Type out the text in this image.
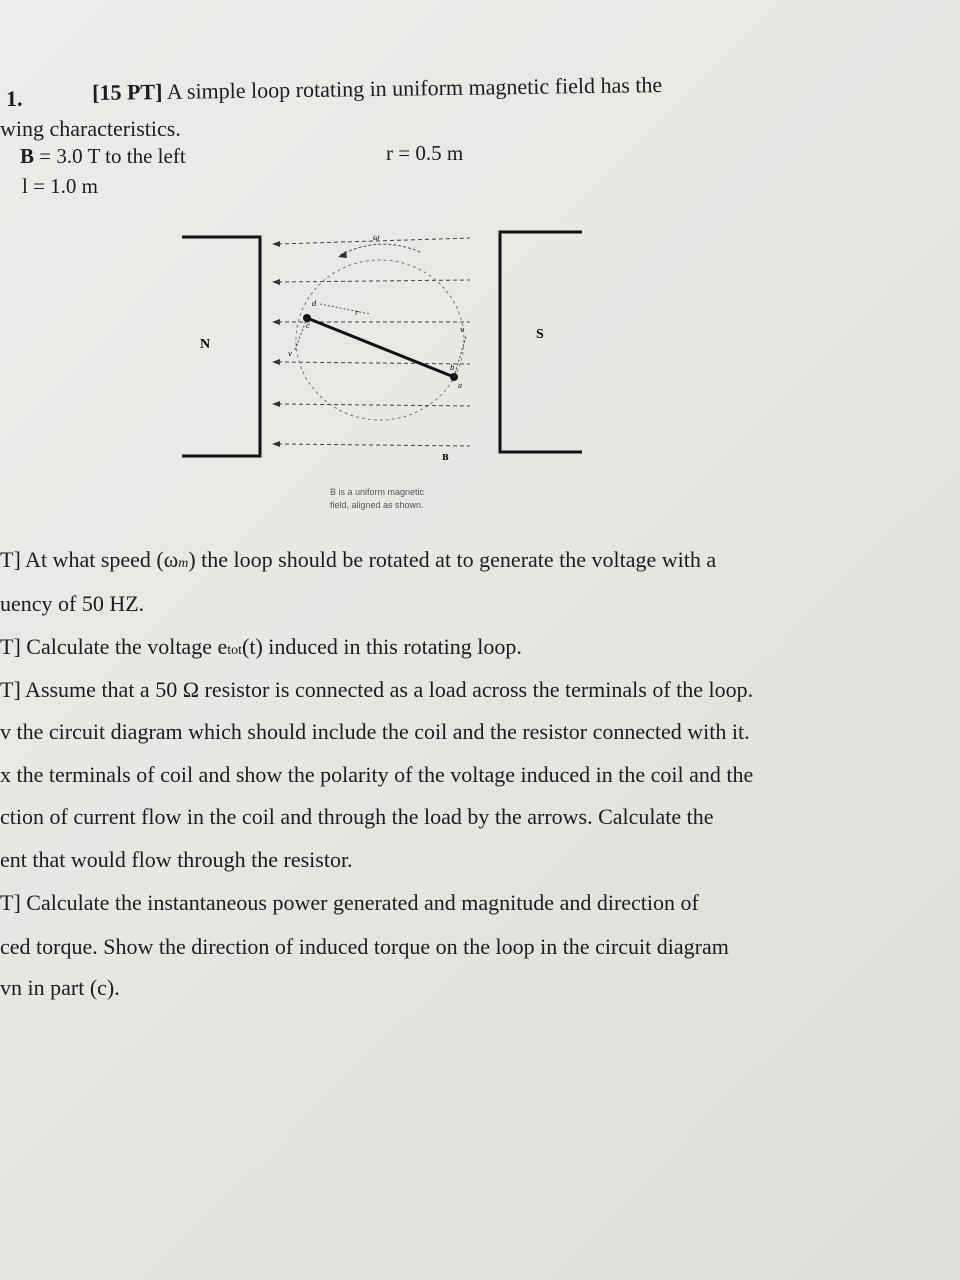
1.	[15 PT] A simple loop rotating in uniform magnetic field has the
wing characteristics.
B = 3.0 T to the left	r = 0.5 m
l = 1.0 m
N
S
ω
r
d
c
b
a
v
v
B
B is a uniform magnetic
field, aligned as shown.
T] At what speed (ωm) the loop should be rotated at to generate the voltage with a
uency of 50 HZ.
T] Calculate the voltage etot(t) induced in this rotating loop.
T] Assume that a 50 Ω resistor is connected as a load across the terminals of the loop.
v the circuit diagram which should include the coil and the resistor connected with it.
x the terminals of coil and show the polarity of the voltage induced in the coil and the
ction of current flow in the coil and through the load by the arrows. Calculate the
ent that would flow through the resistor.
T] Calculate the instantaneous power generated and magnitude and direction of
ced torque. Show the direction of induced torque on the loop in the circuit diagram
vn in part (c).
